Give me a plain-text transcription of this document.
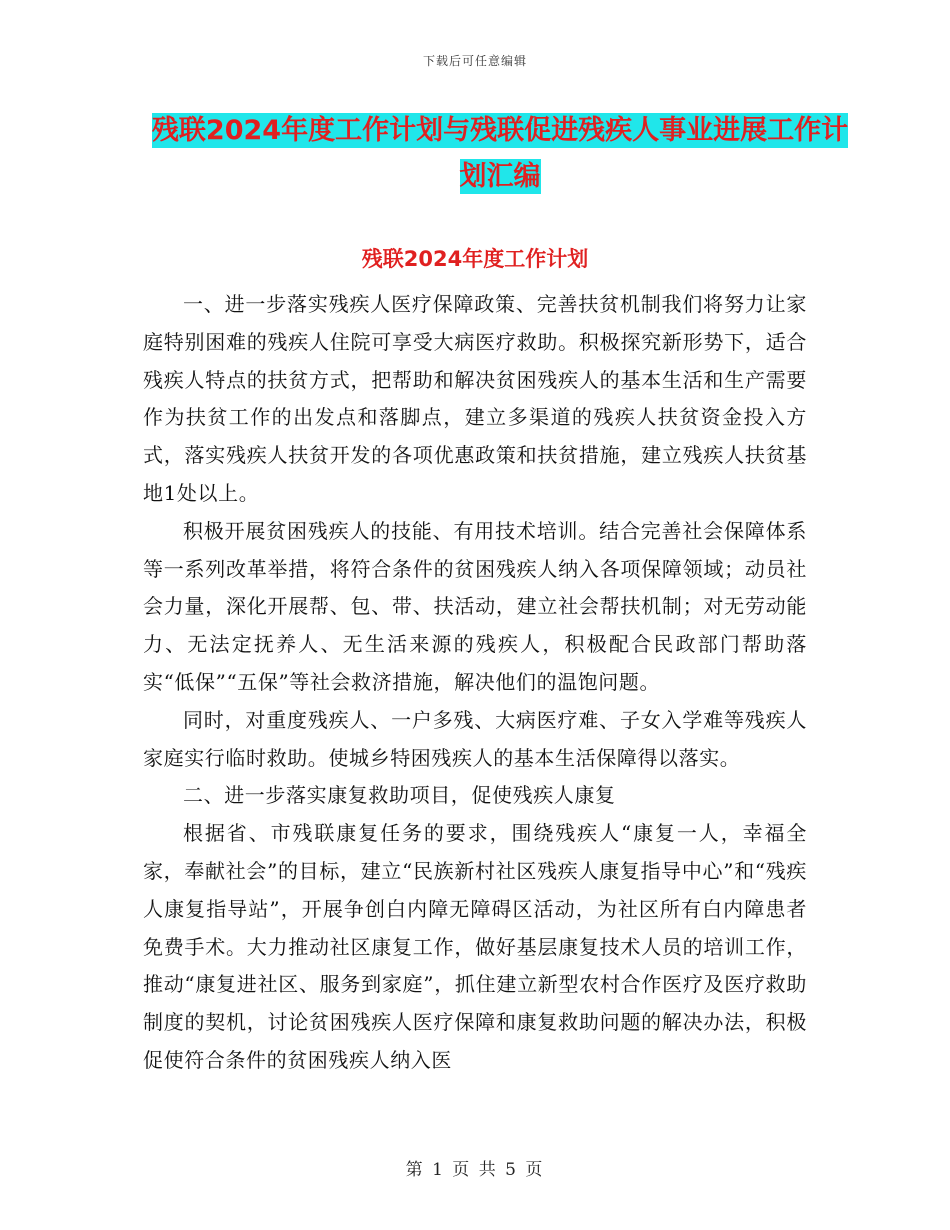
下载后可任意编辑
残联2024年度工作计划与残联促进残疾人事业进展工作计划汇编
残联2024年度工作计划

一、进一步落实残疾人医疗保障政策、完善扶贫机制我们将努力让家庭特别困难的残疾人住院可享受大病医疗救助。积极探究新形势下，适合残疾人特点的扶贫方式，把帮助和解决贫困残疾人的基本生活和生产需要作为扶贫工作的出发点和落脚点，建立多渠道的残疾人扶贫资金投入方式，落实残疾人扶贫开发的各项优惠政策和扶贫措施，建立残疾人扶贫基地1处以上。

积极开展贫困残疾人的技能、有用技术培训。结合完善社会保障体系等一系列改革举措，将符合条件的贫困残疾人纳入各项保障领域；动员社会力量，深化开展帮、包、带、扶活动，建立社会帮扶机制；对无劳动能力、无法定抚养人、无生活来源的残疾人，积极配合民政部门帮助落实“低保”“五保”等社会救济措施，解决他们的温饱问题。

同时，对重度残疾人、一户多残、大病医疗难、子女入学难等残疾人家庭实行临时救助。使城乡特困残疾人的基本生活保障得以落实。

二、进一步落实康复救助项目，促使残疾人康复

根据省、市残联康复任务的要求，围绕残疾人“康复一人，幸福全家，奉献社会”的目标，建立“民族新村社区残疾人康复指导中心”和“残疾人康复指导站”，开展争创白内障无障碍区活动，为社区所有白内障患者免费手术。大力推动社区康复工作，做好基层康复技术人员的培训工作，推动“康复进社区、服务到家庭”，抓住建立新型农村合作医疗及医疗救助制度的契机，讨论贫困残疾人医疗保障和康复救助问题的解决办法，积极促使符合条件的贫困残疾人纳入医

第 1 页 共 5 页
